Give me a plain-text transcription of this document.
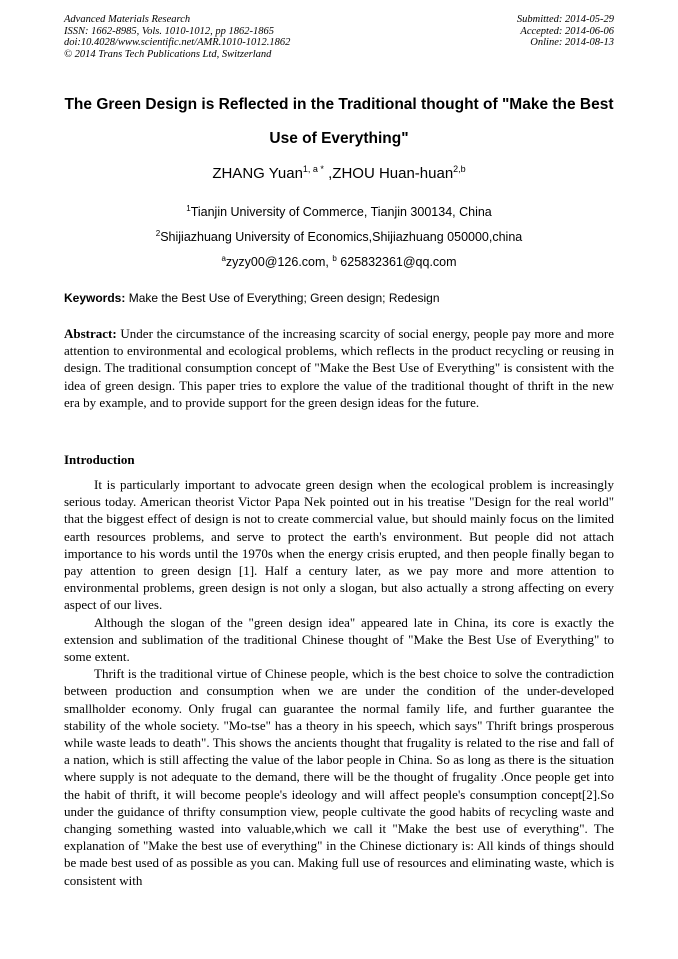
Advanced Materials Research
ISSN: 1662-8985, Vols. 1010-1012, pp 1862-1865
doi:10.4028/www.scientific.net/AMR.1010-1012.1862
© 2014 Trans Tech Publications Ltd, Switzerland
Submitted: 2014-05-29
Accepted: 2014-06-06
Online: 2014-08-13
The Green Design is Reflected in the Traditional thought of "Make the Best Use of Everything"
ZHANG Yuan$^{1, a *}$ ,ZHOU Huan-huan$^{2,b}$
$^1$Tianjin University of Commerce, Tianjin 300134, China
$^2$Shijiazhuang University of Economics,Shijiazhuang 050000,china
$^a$zyzy00@126.com, $^b$ 625832361@qq.com
Keywords: Make the Best Use of Everything; Green design; Redesign
Abstract: Under the circumstance of the increasing scarcity of social energy, people pay more and more attention to environmental and ecological problems, which reflects in the product recycling or reusing in design. The traditional consumption concept of "Make the Best Use of Everything" is consistent with the idea of green design. This paper tries to explore the value of the traditional thought of thrift in the new era by example, and to provide support for the green design ideas for the future.
Introduction

It is particularly important to advocate green design when the ecological problem is increasingly serious today. American theorist Victor Papa Nek pointed out in his treatise "Design for the real world" that the biggest effect of design is not to create commercial value, but should mainly focus on the limited earth resources problems, and serve to protect the earth's environment. But people did not attach importance to his words until the 1970s when the energy crisis erupted, and then people finally began to pay attention to green design [1]. Half a century later, as we pay more and more attention to environmental problems, green design is not only a slogan, but also actually a strong affecting on every aspect of our lives.

Although the slogan of the "green design idea" appeared late in China, its core is exactly the extension and sublimation of the traditional Chinese thought of "Make the Best Use of Everything" to some extent.

Thrift is the traditional virtue of Chinese people, which is the best choice to solve the contradiction between production and consumption when we are under the condition of the under-developed smallholder economy. Only frugal can guarantee the normal family life, and further guarantee the stability of the whole society. "Mo-tse" has a theory in his speech, which says" Thrift brings prosperous while waste leads to death". This shows the ancients thought that frugality is related to the rise and fall of a nation, which is still affecting the value of the labor people in China. So as long as there is the situation where supply is not adequate to the demand, there will be the thought of frugality .Once people get into the habit of thrift, it will become people's ideology and will affect people's consumption concept[2].So under the guidance of thrifty consumption view, people cultivate the good habits of recycling waste and changing something wasted into valuable,which we call it "Make the best use of everything". The explanation of "Make the best use of everything" in the Chinese dictionary is: All kinds of things should be made best used of as possible as you can. Making full use of resources and eliminating waste, which is consistent with
